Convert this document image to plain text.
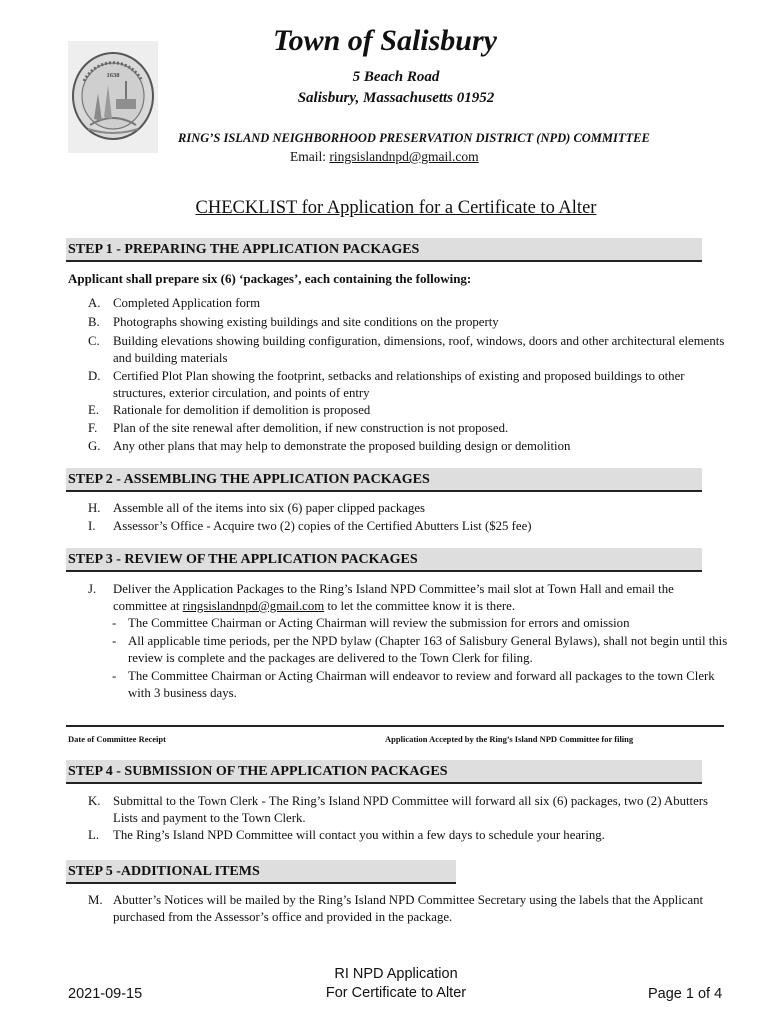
1638
Town of Salisbury
5 Beach Road
Salisbury, Massachusetts 01952
RING’S ISLAND NEIGHBORHOOD PRESERVATION DISTRICT (NPD) COMMITTEE
Email: ringsislandnpd@gmail.com
CHECKLIST for Application for a Certificate to Alter
STEP 1 - PREPARING THE APPLICATION PACKAGES
Applicant shall prepare six (6) ‘packages’, each containing the following:
A. Completed Application form
B.	Photographs showing existing buildings and site conditions on the property
C.	Building elevations showing building configuration, dimensions, roof, windows, doors and other architectural elements and building materials
D. Certified Plot Plan showing the footprint, setbacks and relationships of existing and proposed buildings to other structures, exterior circulation, and points of entry
E.	Rationale for demolition if demolition is proposed
F.	Plan of the site renewal after demolition, if new construction is not proposed.
G. Any other plans that may help to demonstrate the proposed building design or demolition
STEP 2 - ASSEMBLING THE APPLICATION PACKAGES
H. Assemble all of the items into six (6) paper clipped packages
I.	Assessor’s Office - Acquire two (2) copies of the Certified Abutters List ($25 fee)
STEP 3 - REVIEW OF THE APPLICATION PACKAGES
J.	Deliver the Application Packages to the Ring’s Island NPD Committee’s mail slot at Town Hall and email the committee at ringsislandnpd@gmail.com to let the committee know it is there.
- The Committee Chairman or Acting Chairman will review the submission for errors and omission
- All applicable time periods, per the NPD bylaw (Chapter 163 of Salisbury General Bylaws), shall not begin until this review is complete and the packages are delivered to the Town Clerk for filing.
- The Committee Chairman or Acting Chairman will endeavor to review and forward all packages to the town Clerk with 3 business days.
Date of Committee Receipt	Application Accepted by the Ring’s Island NPD Committee for filing
STEP 4 - SUBMISSION OF THE APPLICATION PACKAGES
K. Submittal to the Town Clerk - The Ring’s Island NPD Committee will forward all six (6) packages, two (2) Abutters Lists and payment to the Town Clerk.
L.	The Ring’s Island NPD Committee will contact you within a few days to schedule your hearing.
STEP 5 -ADDITIONAL ITEMS
M. Abutter’s Notices will be mailed by the Ring’s Island NPD Committee Secretary using the labels that the Applicant purchased from the Assessor’s office and provided in the package.
2021-09-15
RI NPD Application
For Certificate to Alter	Page 1 of 4
